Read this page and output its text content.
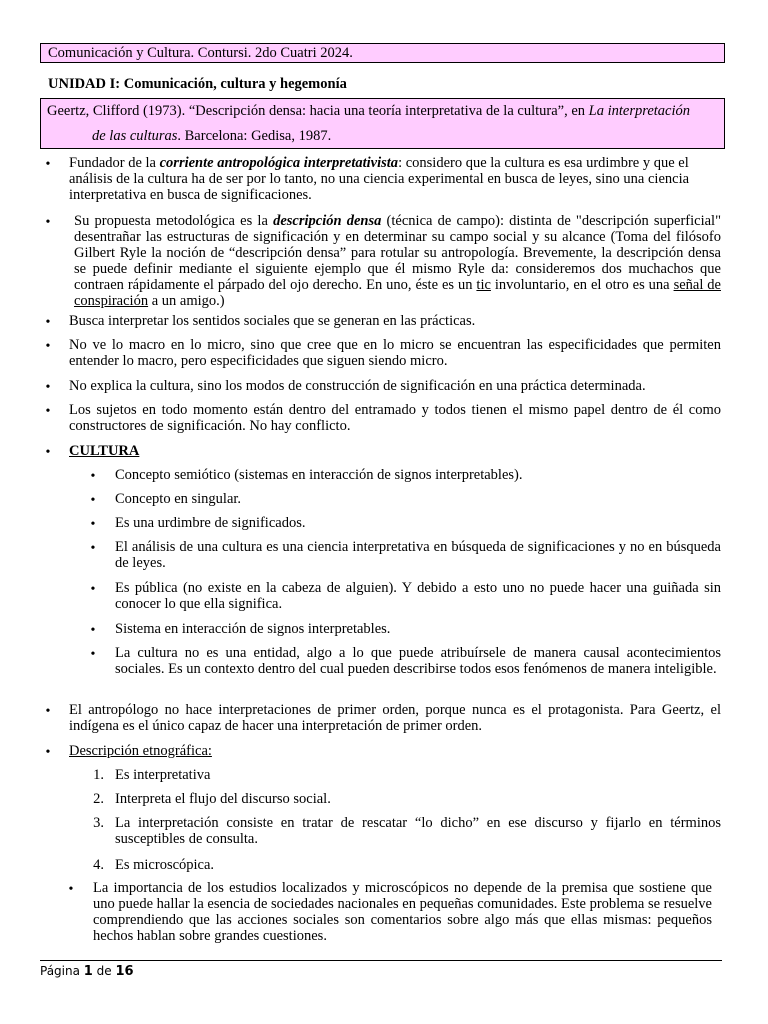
Comunicación y Cultura. Contursi. 2do Cuatri 2024.
UNIDAD I: Comunicación, cultura y hegemonía
Geertz, Clifford (1973). “Descripción densa: hacia una teoría interpretativa de la cultura”, en La interpretación
de las culturas. Barcelona: Gedisa, 1987.
• Fundador de la corriente antropológica interpretativista: considero que la cultura es esa urdimbre y que el análisis de la cultura ha de ser por lo tanto, no una ciencia experimental en busca de leyes, sino una ciencia interpretativa en busca de significaciones.
• Su propuesta metodológica es la descripción densa (técnica de campo): distinta de "descripción superficial" desentrañar las estructuras de significación y en determinar su campo social y su alcance (Toma del filósofo Gilbert Ryle la noción de “descripción densa” para rotular su antropología. Brevemente, la descripción densa se puede definir mediante el siguiente ejemplo que él mismo Ryle da: consideremos dos muchachos que contraen rápidamente el párpado del ojo derecho. En uno, éste es un tic involuntario, en el otro es una señal de conspiración a un amigo.)
• Busca interpretar los sentidos sociales que se generan en las prácticas.
• No ve lo macro en lo micro, sino que cree que en lo micro se encuentran las especificidades que permiten entender lo macro, pero especificidades que siguen siendo micro.
• No explica la cultura, sino los modos de construcción de significación en una práctica determinada.
• Los sujetos en todo momento están dentro del entramado y todos tienen el mismo papel dentro de él como constructores de significación. No hay conflicto.
• CULTURA
• Concepto semiótico (sistemas en interacción de signos interpretables).
• Concepto en singular.
• Es una urdimbre de significados.
• El análisis de una cultura es una ciencia interpretativa en búsqueda de significaciones y no en búsqueda de leyes.
• Es pública (no existe en la cabeza de alguien). Y debido a esto uno no puede hacer una guiñada sin conocer lo que ella significa.
• Sistema en interacción de signos interpretables.
• La cultura no es una entidad, algo a lo que puede atribuírsele de manera causal acontecimientos sociales. Es un contexto dentro del cual pueden describirse todos esos fenómenos de manera inteligible.
• El antropólogo no hace interpretaciones de primer orden, porque nunca es el protagonista. Para Geertz, el indígena es el único capaz de hacer una interpretación de primer orden.
• Descripción etnográfica:
1. Es interpretativa
2. Interpreta el flujo del discurso social.
3. La interpretación consiste en tratar de rescatar “lo dicho” en ese discurso y fijarlo en términos susceptibles de consulta.
4. Es microscópica.
• La importancia de los estudios localizados y microscópicos no depende de la premisa que sostiene que uno puede hallar la esencia de sociedades nacionales en pequeñas comunidades. Este problema se resuelve comprendiendo que las acciones sociales son comentarios sobre algo más que ellas mismas: pequeños hechos hablan sobre grandes cuestiones.
Página 1 de 16
